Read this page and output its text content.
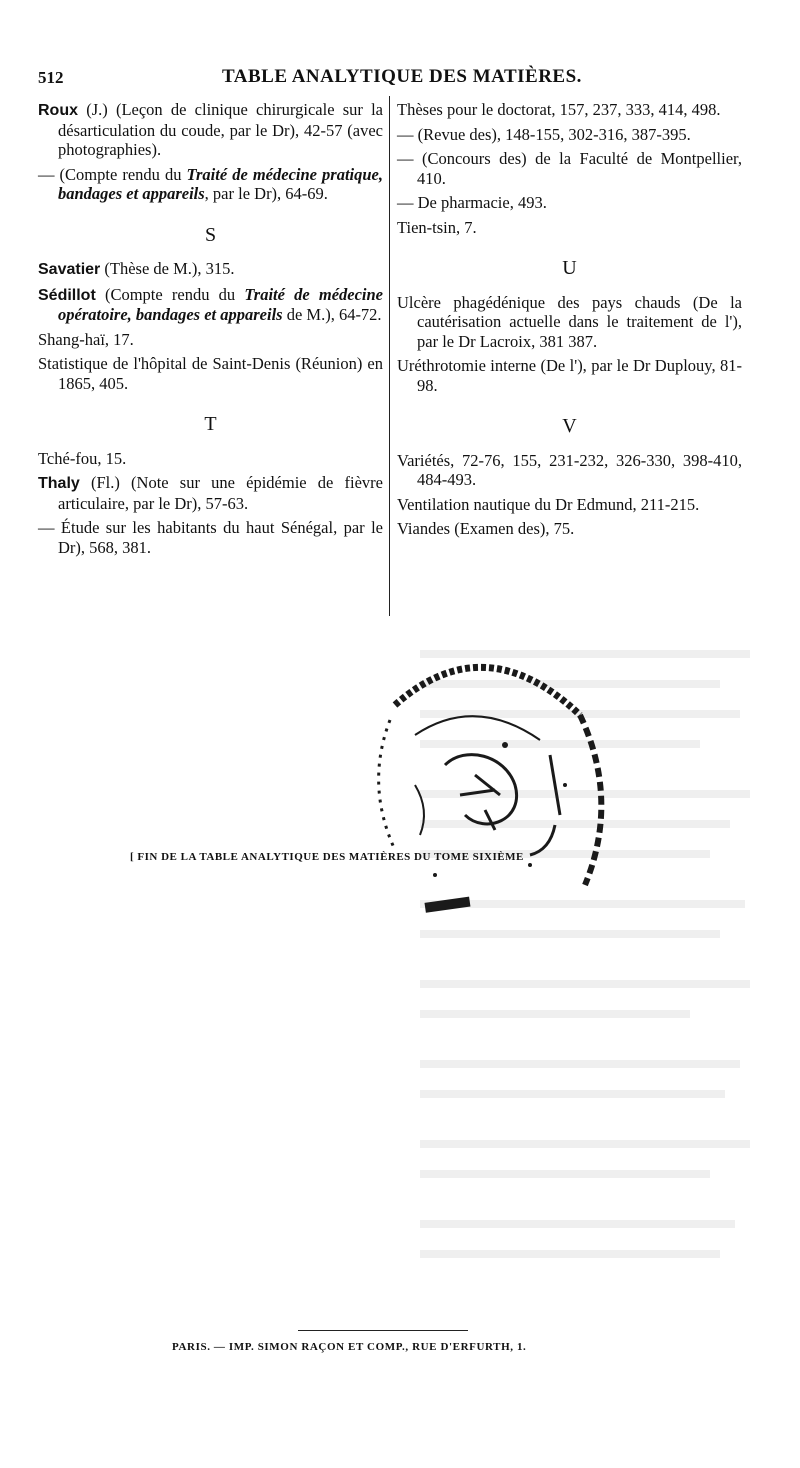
512	TABLE ANALYTIQUE DES MATIÈRES.

Roux (J.) (Leçon de clinique chirurgicale sur la désarticulation du coude, par le Dr), 42-57 (avec photographies).

— (Compte rendu du Traité de médecine pratique, bandages et appareils, par le Dr), 64-69.

S

Savatier (Thèse de M.), 315.

Sédillot (Compte rendu du Traité de médecine opératoire, bandages et appareils de M.), 64-72.

Shang-haï, 17.

Statistique de l'hôpital de Saint-Denis (Réunion) en 1865, 405.

T

Tché-fou, 15.

Thaly (Fl.) (Note sur une épidémie de fièvre articulaire, par le Dr), 57-63.

— Étude sur les habitants du haut Sénégal, par le Dr), 568, 381.

Thèses pour le doctorat, 157, 237, 333, 414, 498.

— (Revue des), 148-155, 302-316, 387-395.

— (Concours des) de la Faculté de Montpellier, 410.

— De pharmacie, 493.

Tien-tsin, 7.

U

Ulcère phagédénique des pays chauds (De la cautérisation actuelle dans le traitement de l'), par le Dr Lacroix, 381 387.

Uréthrotomie interne (De l'), par le Dr Duplouy, 81-98.

V

Variétés, 72-76, 155, 231-232, 326-330, 398-410, 484-493.

Ventilation nautique du Dr Edmund, 211-215.

Viandes (Examen des), 75.

[ FIN DE LA TABLE ANALYTIQUE DES MATIÈRES DU TOME SIXIÈME
PARIS. — IMP. SIMON RAÇON ET COMP., RUE D'ERFURTH, 1.
